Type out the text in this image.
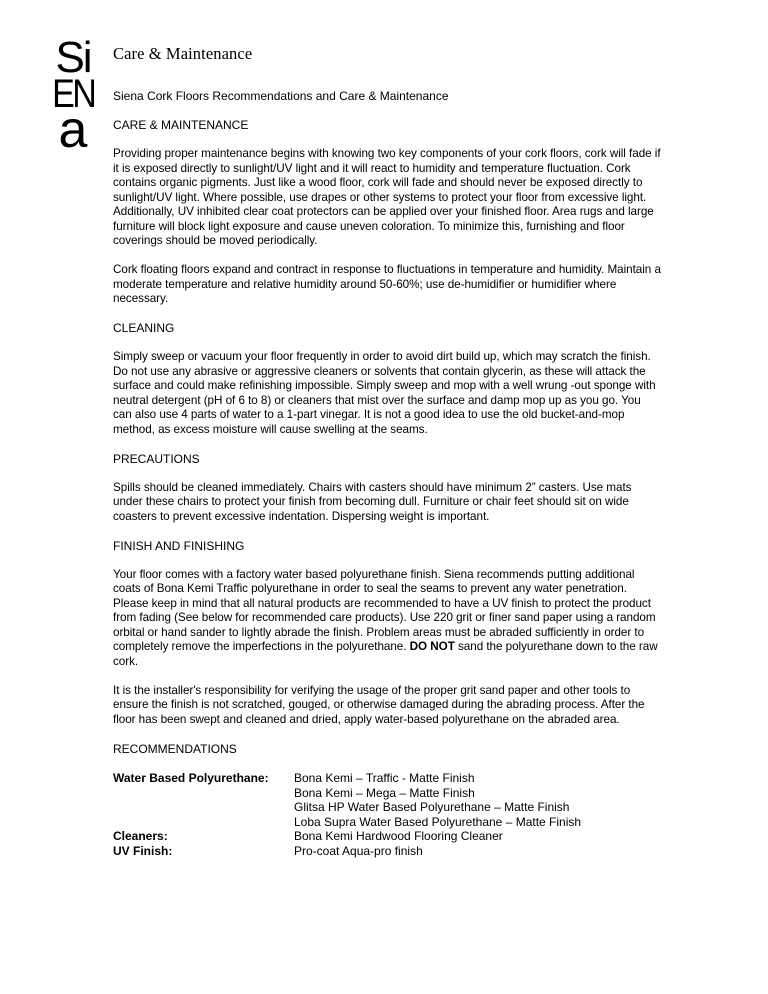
Si
EN
a
Care & Maintenance
Siena Cork Floors Recommendations and Care & Maintenance
CARE & MAINTENANCE

Providing proper maintenance begins with knowing two key components of your cork floors, cork will fade if it is exposed directly to sunlight/UV light and it will react to humidity and temperature fluctuation. Cork contains organic pigments. Just like a wood floor, cork will fade and should never be exposed directly to sunlight/UV light. Where possible, use drapes or other systems to protect your floor from excessive light. Additionally, UV inhibited clear coat protectors can be applied over your finished floor. Area rugs and large furniture will block light exposure and cause uneven coloration. To minimize this, furnishing and floor coverings should be moved periodically.

Cork floating floors expand and contract in response to fluctuations in temperature and humidity. Maintain a moderate temperature and relative humidity around 50-60%; use de-humidifier or humidifier where necessary.

CLEANING

Simply sweep or vacuum your floor frequently in order to avoid dirt build up, which may scratch the finish. Do not use any abrasive or aggressive cleaners or solvents that contain glycerin, as these will attack the surface and could make refinishing impossible. Simply sweep and mop with a well wrung -out sponge with neutral detergent (pH of 6 to 8) or cleaners that mist over the surface and damp mop up as you go. You can also use 4 parts of water to a 1-part vinegar. It is not a good idea to use the old bucket-and-mop method, as excess moisture will cause swelling at the seams.

PRECAUTIONS

Spills should be cleaned immediately. Chairs with casters should have minimum 2” casters. Use mats under these chairs to protect your finish from becoming dull. Furniture or chair feet should sit on wide coasters to prevent excessive indentation. Dispersing weight is important.

FINISH AND FINISHING

Your floor comes with a factory water based polyurethane finish. Siena recommends putting additional coats of Bona Kemi Traffic polyurethane in order to seal the seams to prevent any water penetration. Please keep in mind that all natural products are recommended to have a UV finish to protect the product from fading (See below for recommended care products). Use 220 grit or finer sand paper using a random orbital or hand sander to lightly abrade the finish. Problem areas must be abraded sufficiently in order to completely remove the imperfections in the polyurethane. DO NOT sand the polyurethane down to the raw cork.

It is the installer's responsibility for verifying the usage of the proper grit sand paper and other tools to ensure the finish is not scratched, gouged, or otherwise damaged during the abrading process. After the floor has been swept and cleaned and dried, apply water-based polyurethane on the abraded area.

RECOMMENDATIONS
Water Based Polyurethane:	Bona Kemi – Traffic - Matte Finish
Bona Kemi – Mega – Matte Finish
Glitsa HP Water Based Polyurethane – Matte Finish
Loba Supra Water Based Polyurethane – Matte Finish
Cleaners:	Bona Kemi Hardwood Flooring Cleaner
UV Finish:	Pro-coat Aqua-pro finish
